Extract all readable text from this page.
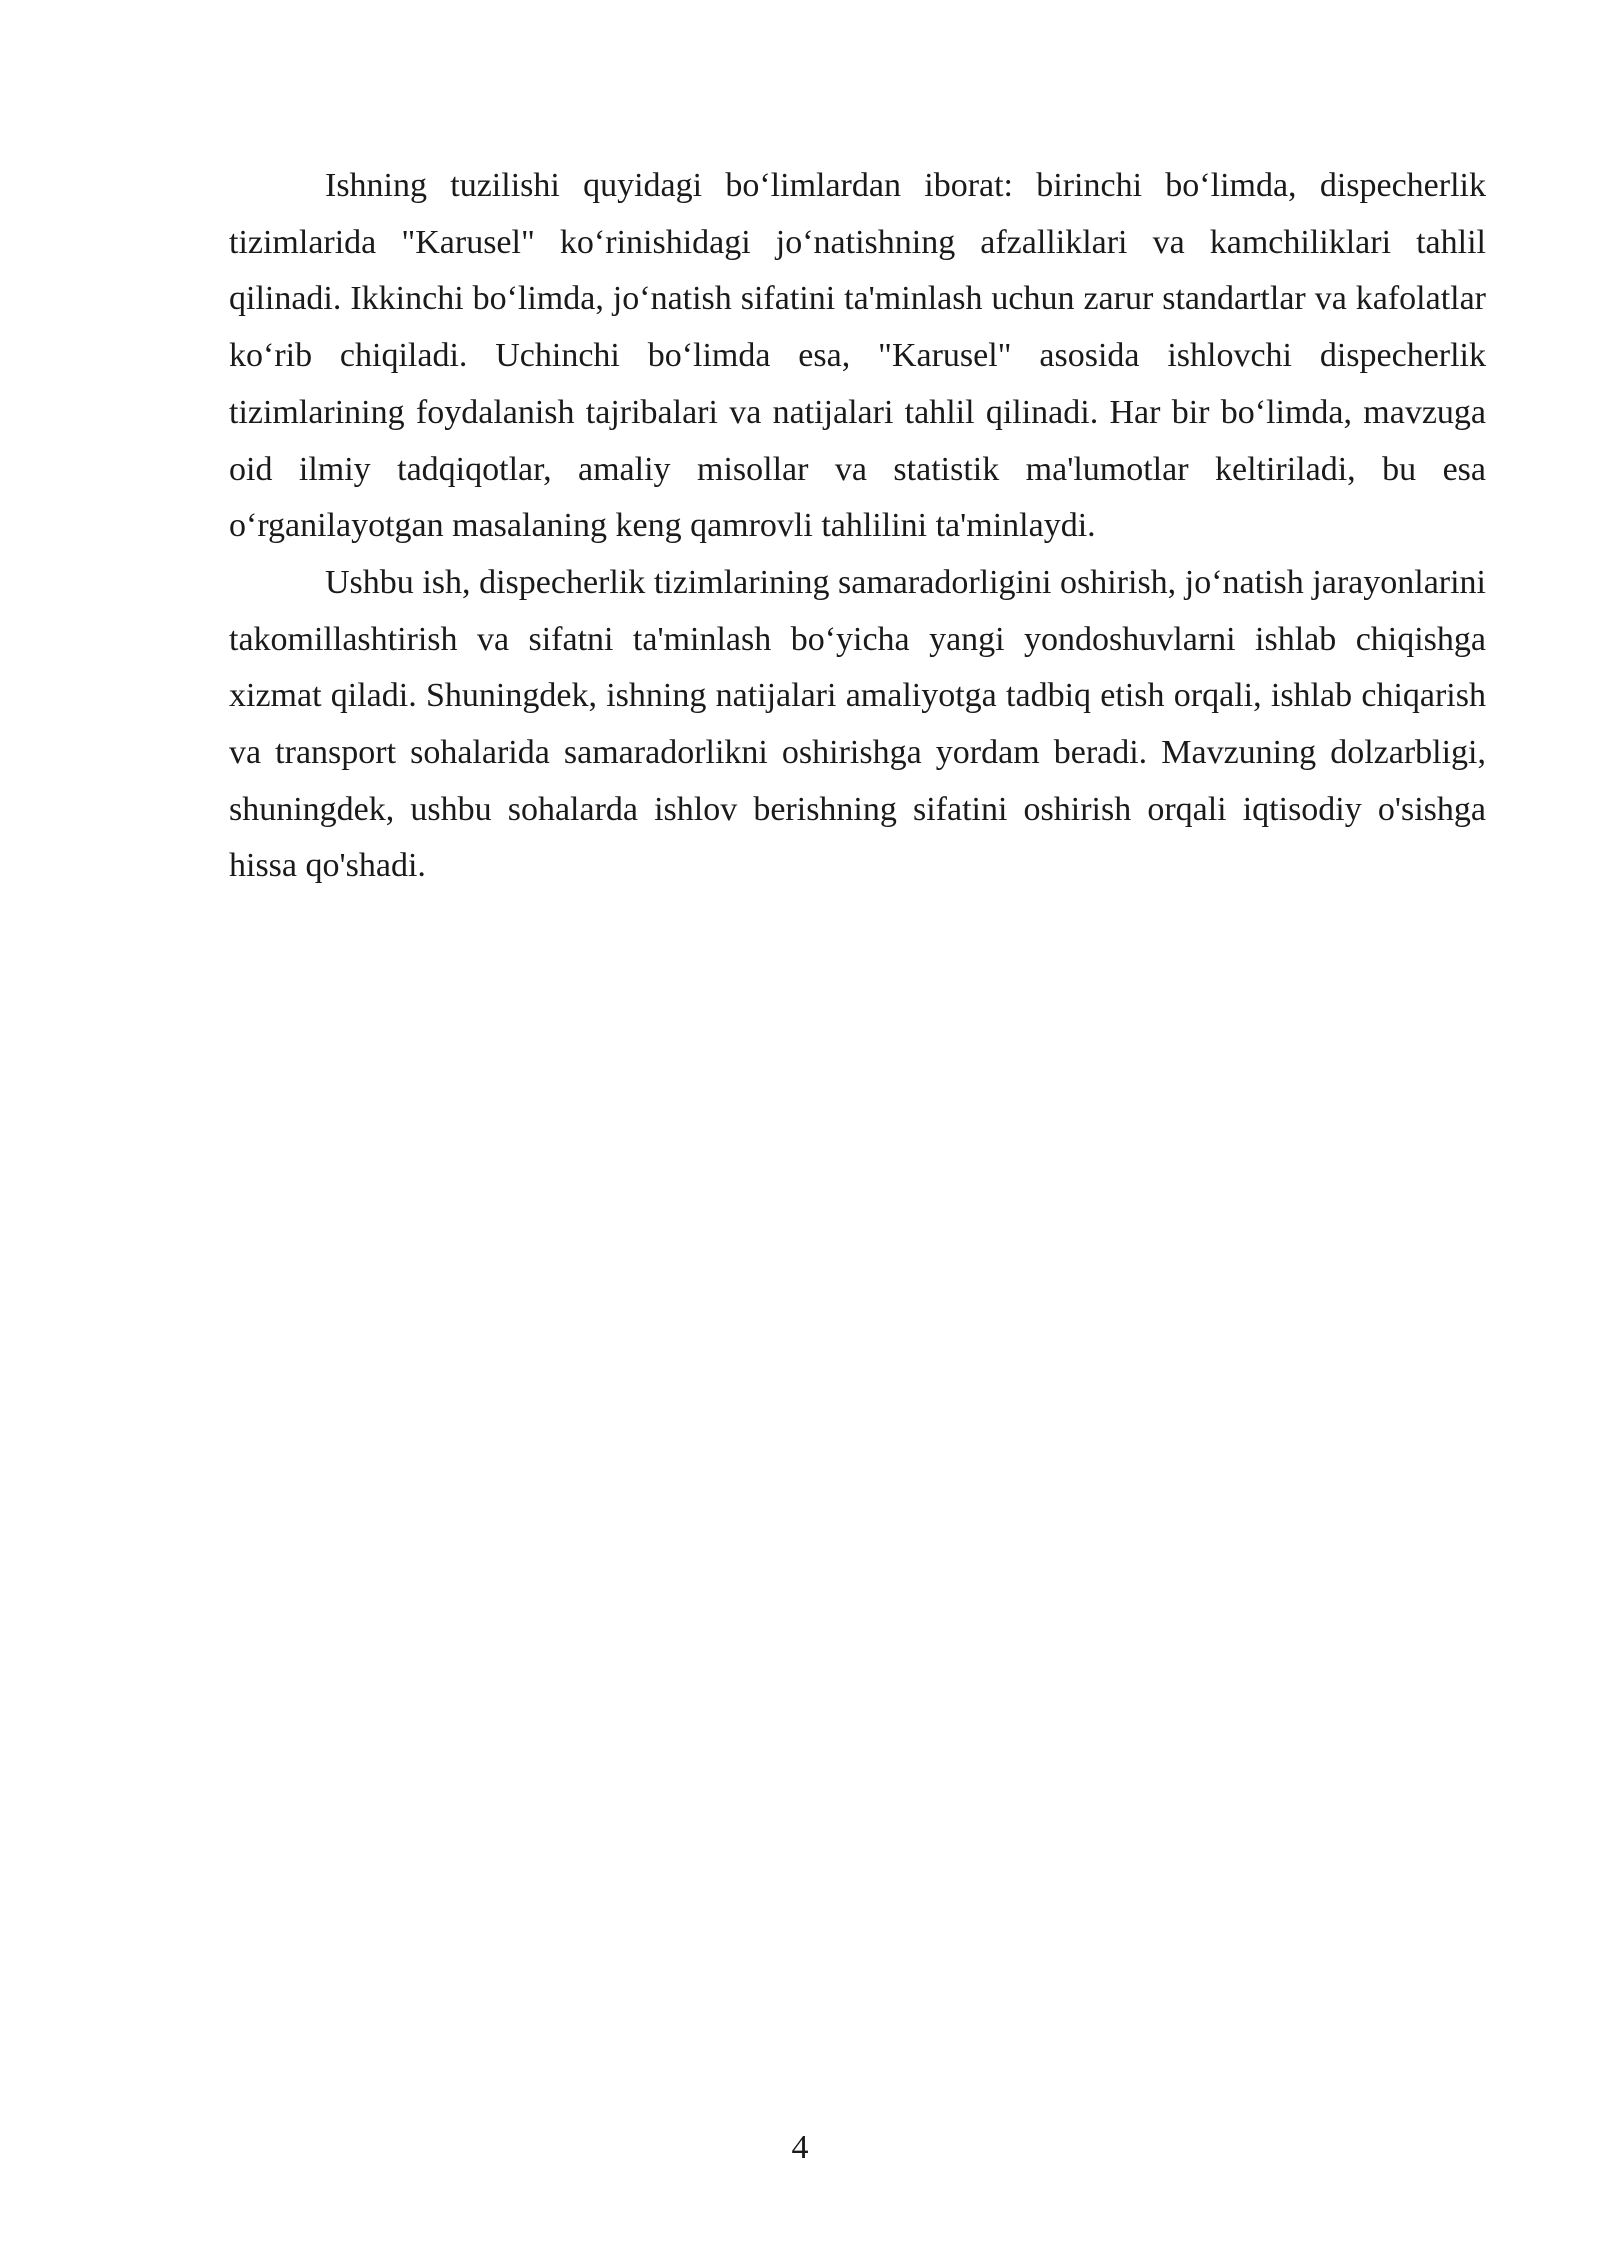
Ishning tuzilishi quyidagi bo‘limlardan iborat: birinchi bo‘limda, dispecherlik tizimlarida "Karusel" ko‘rinishidagi jo‘natishning afzalliklari va kamchiliklari tahlil qilinadi. Ikkinchi bo‘limda, jo‘natish sifatini ta'minlash uchun zarur standartlar va kafolatlar ko‘rib chiqiladi. Uchinchi bo‘limda esa, "Karusel" asosida ishlovchi dispecherlik tizimlarining foydalanish tajribalari va natijalari tahlil qilinadi. Har bir bo‘limda, mavzuga oid ilmiy tadqiqotlar, amaliy misollar va statistik ma'lumotlar keltiriladi, bu esa o‘rganilayotgan masalaning keng qamrovli tahlilini ta'minlaydi.

Ushbu ish, dispecherlik tizimlarining samaradorligini oshirish, jo‘natish jarayonlarini takomillashtirish va sifatni ta'minlash bo‘yicha yangi yondoshuvlarni ishlab chiqishga xizmat qiladi. Shuningdek, ishning natijalari amaliyotga tadbiq etish orqali, ishlab chiqarish va transport sohalarida samaradorlikni oshirishga yordam beradi. Mavzuning dolzarbligi, shuningdek, ushbu sohalarda ishlov berishning sifatini oshirish orqali iqtisodiy o'sishga hissa qo'shadi.

4
